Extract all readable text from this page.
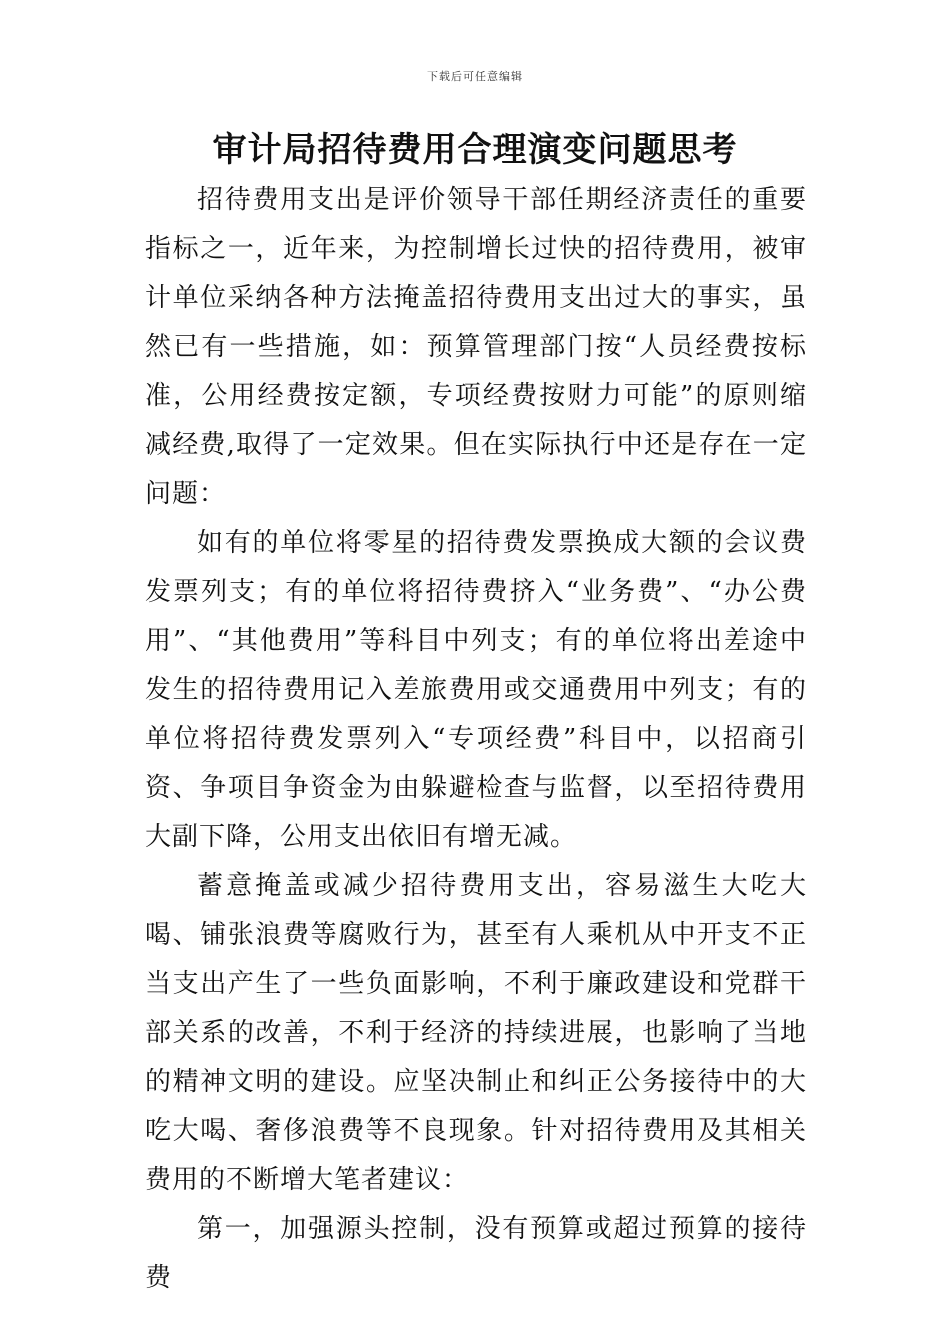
下载后可任意编辑
审计局招待费用合理演变问题思考

招待费用支出是评价领导干部任期经济责任的重要指标之一，近年来，为控制增长过快的招待费用，被审计单位采纳各种方法掩盖招待费用支出过大的事实，虽然已有一些措施，如：预算管理部门按“人员经费按标准，公用经费按定额，专项经费按财力可能”的原则缩减经费,取得了一定效果。但在实际执行中还是存在一定问题：

如有的单位将零星的招待费发票换成大额的会议费发票列支；有的单位将招待费挤入“业务费”、“办公费用”、“其他费用”等科目中列支；有的单位将出差途中发生的招待费用记入差旅费用或交通费用中列支；有的单位将招待费发票列入“专项经费”科目中，以招商引资、争项目争资金为由躲避检查与监督，以至招待费用大副下降，公用支出依旧有增无减。

蓄意掩盖或减少招待费用支出，容易滋生大吃大喝、铺张浪费等腐败行为，甚至有人乘机从中开支不正当支出产生了一些负面影响，不利于廉政建设和党群干部关系的改善，不利于经济的持续进展，也影响了当地的精神文明的建设。应坚决制止和纠正公务接待中的大吃大喝、奢侈浪费等不良现象。针对招待费用及其相关费用的不断增大笔者建议：

第一，加强源头控制，没有预算或超过预算的接待费
